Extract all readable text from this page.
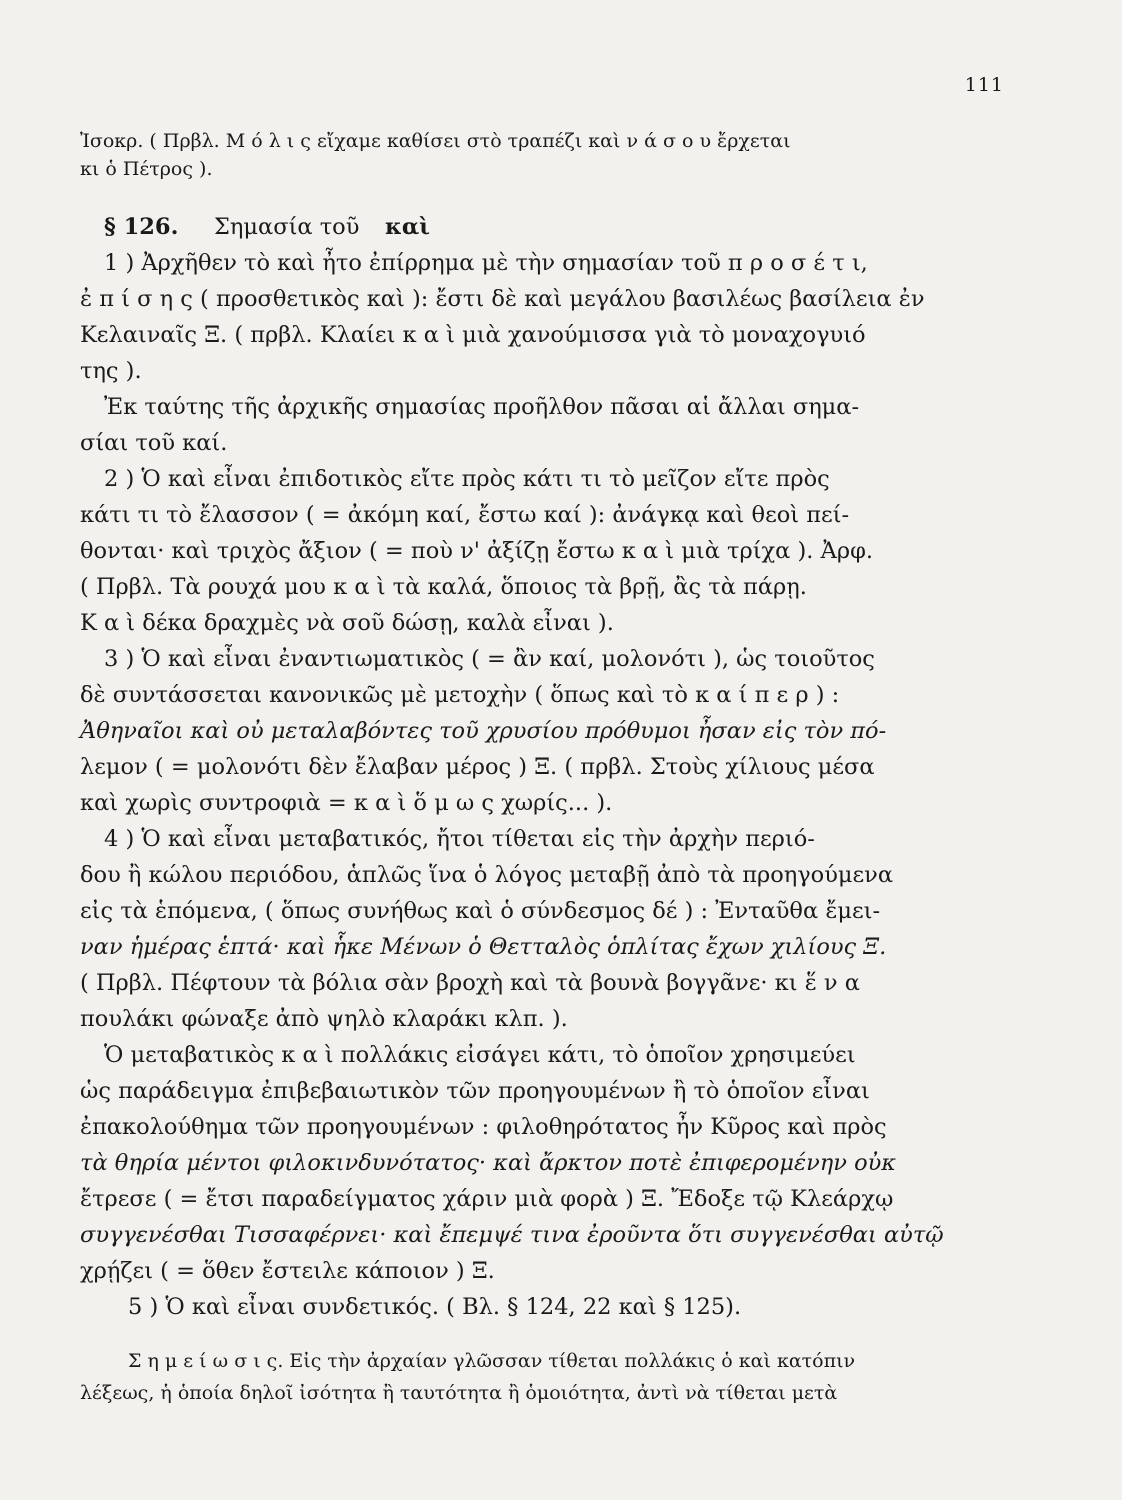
111
Ἰσοκρ. ( Πρβλ. Μ ό λ ι ς εἴχαμε καθίσει στὸ τραπέζι καὶ ν ά σ ο υ ἔρχεται
κι ὁ Πέτρος ).
§ 126. Σημασία τοῦ καὶ
1 ) Ἀρχῆθεν τὸ καὶ ἦτο ἐπίρρημα μὲ τὴν σημασίαν τοῦ π ρ ο σ έ τ ι,
ἐ π ί σ η ς ( προσθετικὸς καὶ ): ἔστι δὲ καὶ μεγάλου βασιλέως βασίλεια ἐν
Κελαιναῖς Ξ. ( πρβλ. Κλαίει κ α ὶ μιὰ χανούμισσα γιὰ τὸ μοναχογυιό
της ).
Ἐκ ταύτης τῆς ἀρχικῆς σημασίας προῆλθον πᾶσαι αἱ ἄλλαι σημα-
σίαι τοῦ καί.
2 ) Ὁ καὶ εἶναι ἐπιδοτικὸς εἴτε πρὸς κάτι τι τὸ μεῖζον εἴτε πρὸς
κάτι τι τὸ ἔλασσον ( = ἀκόμη καί, ἔστω καί ): ἀνάγκᾳ καὶ θεοὶ πεί-
θονται· καὶ τριχὸς ἄξιον ( = ποὺ ν' ἀξίζῃ ἔστω κ α ὶ μιὰ τρίχα ). Ἀρφ.
( Πρβλ. Τὰ ρουχά μου κ α ὶ τὰ καλά, ὅποιος τὰ βρῇ, ἂς τὰ πάρῃ.
Κ α ὶ δέκα δραχμὲς νὰ σοῦ δώσῃ, καλὰ εἶναι ).
3 ) Ὁ καὶ εἶναι ἐναντιωματικὸς ( = ἂν καί, μολονότι ), ὡς τοιοῦτος
δὲ συντάσσεται κανονικῶς μὲ μετοχὴν ( ὅπως καὶ τὸ κ α ί π ε ρ ) :
Ἀθηναῖοι καὶ οὐ μεταλαβόντες τοῦ χρυσίου πρόθυμοι ἦσαν εἰς τὸν πό-
λεμον ( = μολονότι δὲν ἔλαβαν μέρος ) Ξ. ( πρβλ. Στοὺς χίλιους μέσα
καὶ χωρὶς συντροφιὰ = κ α ὶ ὅ μ ω ς χωρίς... ).
4 ) Ὁ καὶ εἶναι μεταβατικός, ἤτοι τίθεται εἰς τὴν ἀρχὴν περιό-
δου ἢ κώλου περιόδου, ἁπλῶς ἵνα ὁ λόγος μεταβῇ ἀπὸ τὰ προηγούμενα
εἰς τὰ ἑπόμενα, ( ὅπως συνήθως καὶ ὁ σύνδεσμος δέ ) : Ἐνταῦθα ἔμει-
ναν ἡμέρας ἑπτά· καὶ ἧκε Μένων ὁ Θετταλὸς ὁπλίτας ἔχων χιλίους Ξ.
( Πρβλ. Πέφτουν τὰ βόλια σὰν βροχὴ καὶ τὰ βουνὰ βογγᾶνε· κι ἕ ν α
πουλάκι φώναξε ἀπὸ ψηλὸ κλαράκι κλπ. ).
Ὁ μεταβατικὸς κ α ὶ πολλάκις εἰσάγει κάτι, τὸ ὁποῖον χρησιμεύει
ὡς παράδειγμα ἐπιβεβαιωτικὸν τῶν προηγουμένων ἢ τὸ ὁποῖον εἶναι
ἐπακολούθημα τῶν προηγουμένων : φιλοθηρότατος ἦν Κῦρος καὶ πρὸς
τὰ θηρία μέντοι φιλοκινδυνότατος· καὶ ἄρκτον ποτὲ ἐπιφερομένην οὐκ
ἔτρεσε ( = ἔτσι παραδείγματος χάριν μιὰ φορὰ ) Ξ. Ἔδοξε τῷ Κλεάρχῳ
συγγενέσθαι Τισσαφέρνει· καὶ ἔπεμψέ τινα ἐροῦντα ὅτι συγγενέσθαι αὐτῷ
χρῄζει ( = ὅθεν ἔστειλε κάποιον ) Ξ.
5 ) Ὁ καὶ εἶναι συνδετικός. ( Βλ. § 124, 22 καὶ § 125).
Σ η μ ε ί ω σ ι ς. Εἰς τὴν ἀρχαίαν γλῶσσαν τίθεται πολλάκις ὁ καὶ κατόπιν
λέξεως, ἡ ὁποία δηλοῖ ἰσότητα ἢ ταυτότητα ἢ ὁμοιότητα, ἀντὶ νὰ τίθεται μετὰ
